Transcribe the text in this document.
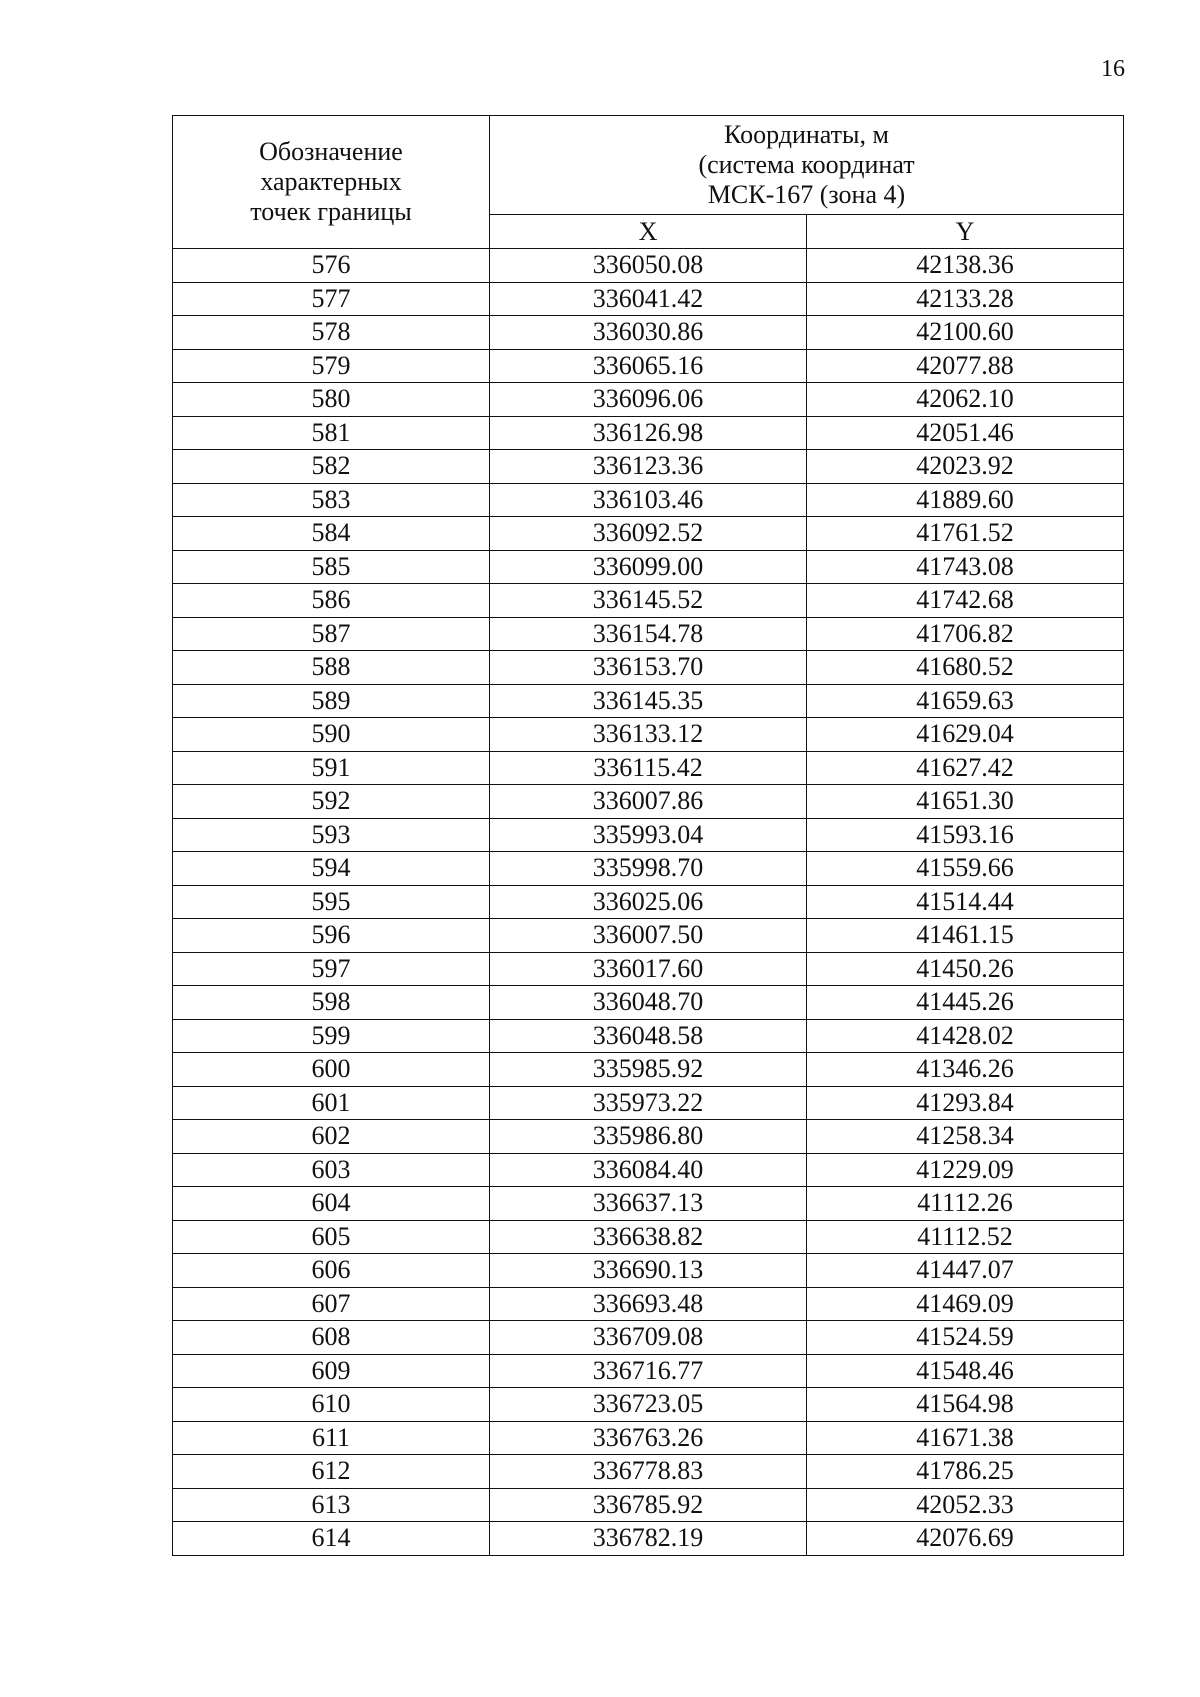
16
Обозначение
характерных
точек границы	Координаты, м
(система координат
МСК-167 (зона 4)	
	X	Y
576	336050.08	42138.36
577	336041.42	42133.28
578	336030.86	42100.60
579	336065.16	42077.88
580	336096.06	42062.10
581	336126.98	42051.46
582	336123.36	42023.92
583	336103.46	41889.60
584	336092.52	41761.52
585	336099.00	41743.08
586	336145.52	41742.68
587	336154.78	41706.82
588	336153.70	41680.52
589	336145.35	41659.63
590	336133.12	41629.04
591	336115.42	41627.42
592	336007.86	41651.30
593	335993.04	41593.16
594	335998.70	41559.66
595	336025.06	41514.44
596	336007.50	41461.15
597	336017.60	41450.26
598	336048.70	41445.26
599	336048.58	41428.02
600	335985.92	41346.26
601	335973.22	41293.84
602	335986.80	41258.34
603	336084.40	41229.09
604	336637.13	41112.26
605	336638.82	41112.52
606	336690.13	41447.07
607	336693.48	41469.09
608	336709.08	41524.59
609	336716.77	41548.46
610	336723.05	41564.98
611	336763.26	41671.38
612	336778.83	41786.25
613	336785.92	42052.33
614	336782.19	42076.69
